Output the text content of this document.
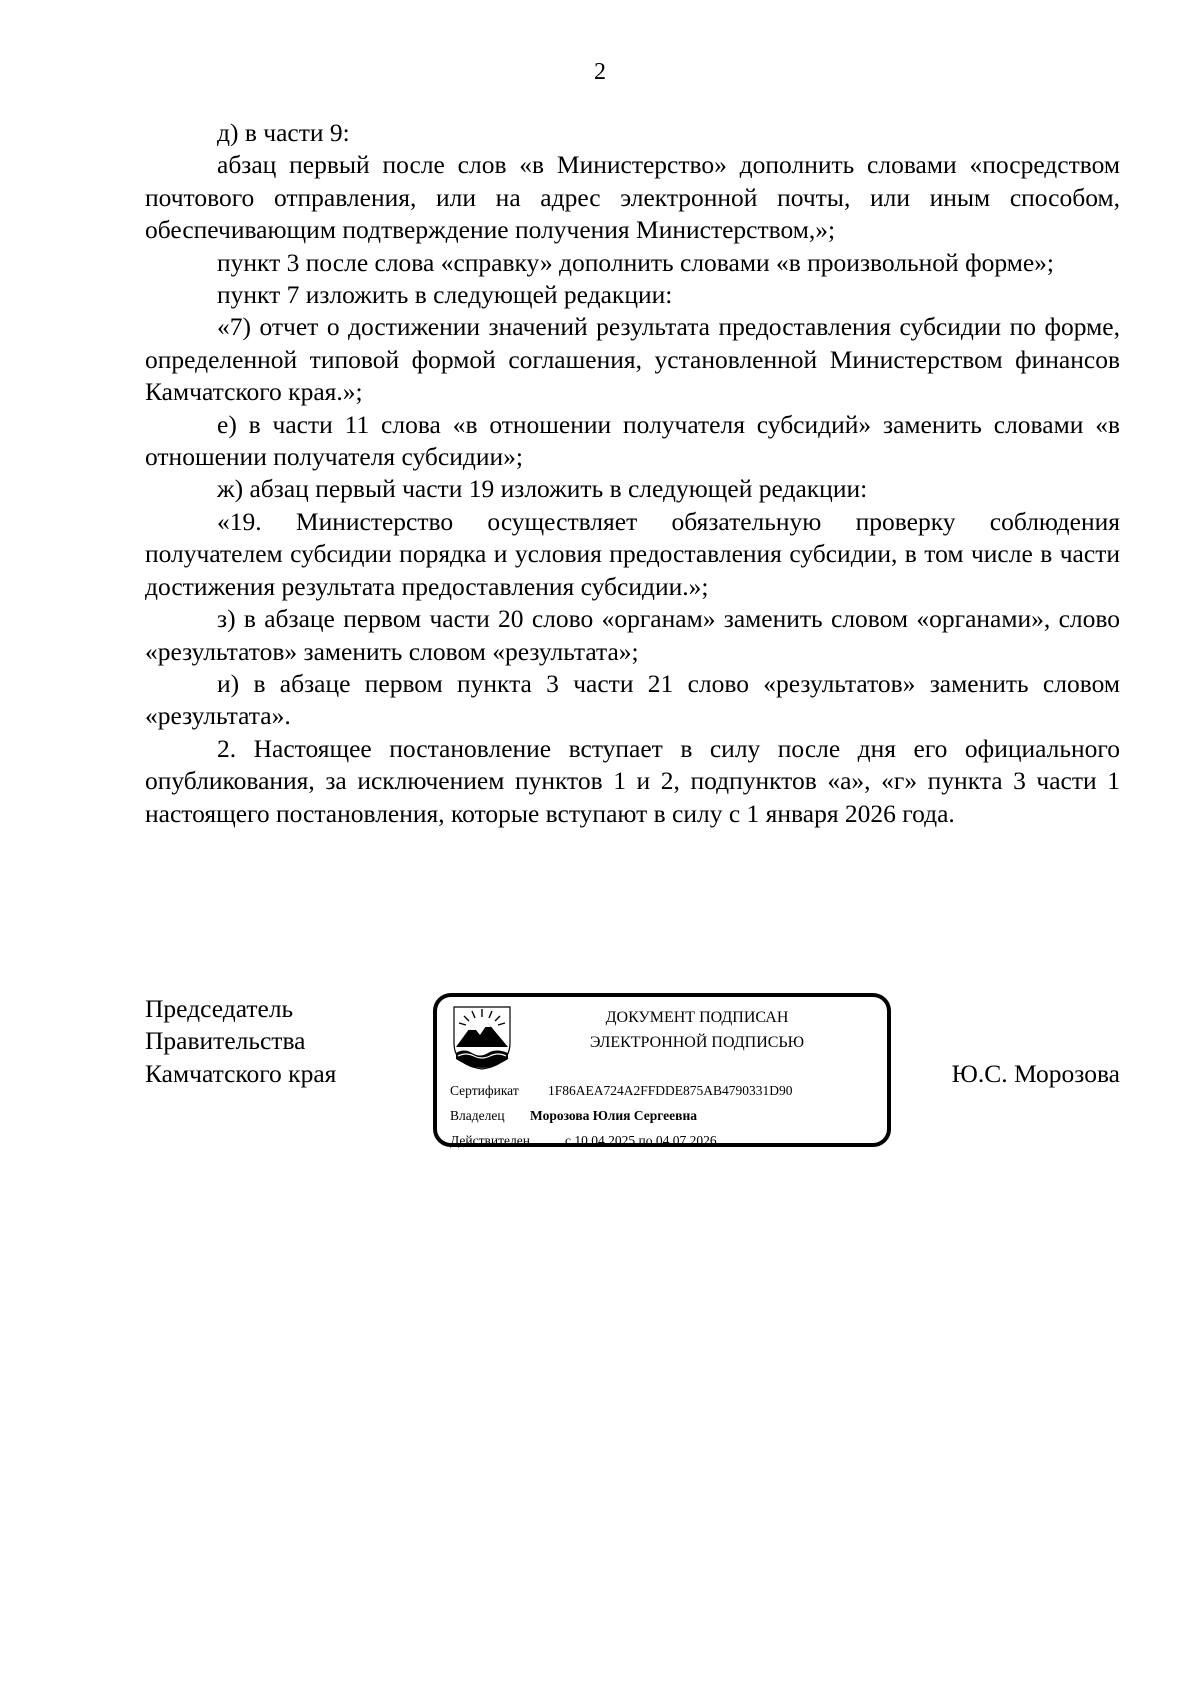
2

д) в части 9:

абзац первый после слов «в Министерство» дополнить словами «посредством почтового отправления, или на адрес электронной почты, или иным способом, обеспечивающим подтверждение получения Министерством,»;

пункт 3 после слова «справку» дополнить словами «в произвольной форме»;

пункт 7 изложить в следующей редакции:

«7) отчет о достижении значений результата предоставления субсидии по форме, определенной типовой формой соглашения, установленной Министерством финансов Камчатского края.»;

е) в части 11 слова «в отношении получателя субсидий» заменить словами «в отношении получателя субсидии»;

ж) абзац первый части 19 изложить в следующей редакции:

«19. Министерство осуществляет обязательную проверку соблюдения получателем субсидии порядка и условия предоставления субсидии, в том числе в части достижения результата предоставления субсидии.»;

з) в абзаце первом части 20 слово «органам» заменить словом «органами», слово «результатов» заменить словом «результата»;

и) в абзаце первом пункта 3 части 21 слово «результатов» заменить словом «результата».

2. Настоящее постановление вступает в силу после дня его официального опубликования, за исключением пунктов 1 и 2, подпунктов «а», «г» пункта 3 части 1 настоящего постановления, которые вступают в силу с 1 января 2026 года.

Председатель
Правительства
Камчатского края
ДОКУМЕНТ ПОДПИСАН
ЭЛЕКТРОННОЙ ПОДПИСЬЮ
Сертификат 1F86AEA724A2FFDDE875AB4790331D90
Владелец Морозова Юлия Сергеевна
Действителен	с 10.04.2025 по 04.07.2026
Ю.С. Морозова
